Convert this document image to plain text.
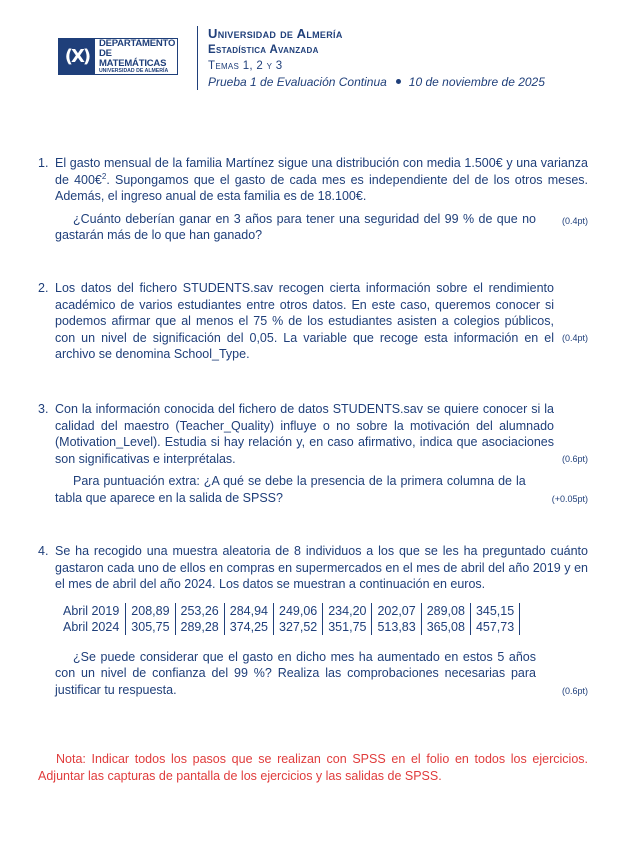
(X)
DEPARTAMENTO
DE MATEMÁTICAS
UNIVERSIDAD DE ALMERÍA
Universidad de Almería
Estadística Avanzada
Temas 1, 2 y 3
Prueba 1 de Evaluación Continua 10 de noviembre de 2025
1. El gasto mensual de la familia Martínez sigue una distribución con media 1.500€ y una varianza de 400€$^2$. Supongamos que el gasto de cada mes es independiente del de los otros meses. Además, el ingreso anual de esta familia es de 18.100€.
(0.4pt)
¿Cuánto deberían ganar en 3 años para tener una seguridad del 99 % de que no gastarán más de lo que han ganado?
2.
(0.4pt)
Los datos del fichero STUDENTS.sav recogen cierta información sobre el rendimiento académico de varios estudiantes entre otros datos. En este caso, queremos conocer si podemos afirmar que al menos el 75 % de los estudiantes asisten a colegios públicos, con un nivel de significación del 0,05. La variable que recoge esta información en el archivo se denomina School_Type.
3.
(0.6pt)
Con la información conocida del fichero de datos STUDENTS.sav se quiere conocer si la calidad del maestro (Teacher_Quality) influye o no sobre la motivación del alumnado (Motivation_Level). Estudia si hay relación y, en caso afirmativo, indica que asociaciones son significativas e interprétalas.
(+0.05pt)
Para puntuación extra: ¿A qué se debe la presencia de la primera columna de la tabla que aparece en la salida de SPSS?
4. Se ha recogido una muestra aleatoria de 8 individuos a los que se les ha preguntado cuánto gastaron cada uno de ellos en compras en supermercados en el mes de abril del año 2019 y en el mes de abril del año 2024. Los datos se muestran a continuación en euros.
Abril 2019	208,89	253,26	284,94	249,06	234,20	202,07	289,08	345,15
Abril 2024	305,75	289,28	374,25	327,52	351,75	513,83	365,08	457,73
(0.6pt)
¿Se puede considerar que el gasto en dicho mes ha aumentado en estos 5 años con un nivel de confianza del 99 %? Realiza las comprobaciones necesarias para justificar tu respuesta.
Nota: Indicar todos los pasos que se realizan con SPSS en el folio en todos los ejercicios. Adjuntar las capturas de pantalla de los ejercicios y las salidas de SPSS.
